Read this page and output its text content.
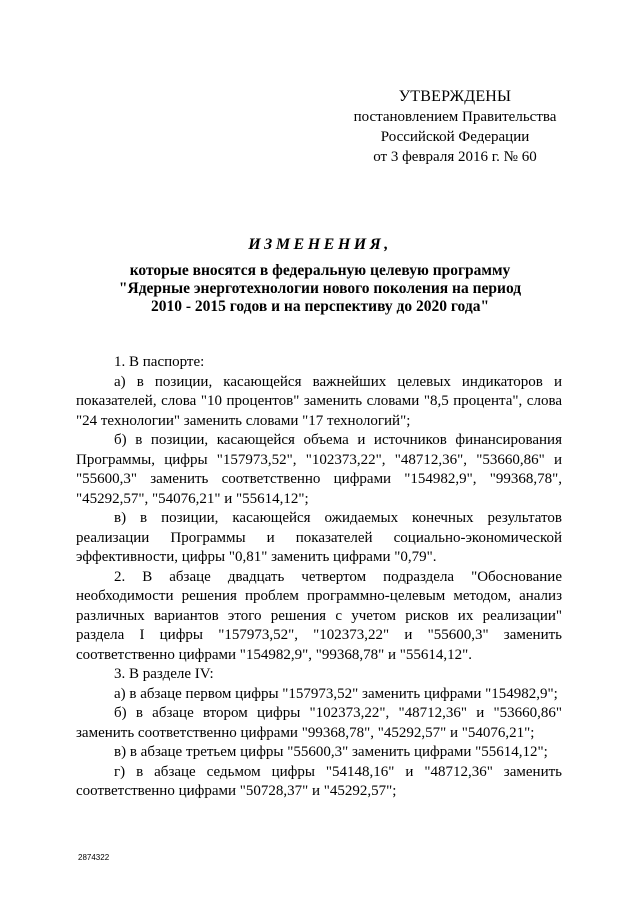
УТВЕРЖДЕНЫ
постановлением Правительства
Российской Федерации
от 3 февраля 2016 г. № 60
ИЗМЕНЕНИЯ,
которые вносятся в федеральную целевую программу
"Ядерные энерготехнологии нового поколения на период
2010 - 2015 годов и на перспективу до 2020 года"

1. В паспорте:

а) в позиции, касающейся важнейших целевых индикаторов и показателей, слова "10 процентов" заменить словами "8,5 процента", слова "24 технологии" заменить словами "17 технологий";

б) в позиции, касающейся объема и источников финансирования Программы, цифры "157973,52", "102373,22", "48712,36", "53660,86" и "55600,3" заменить соответственно цифрами "154982,9", "99368,78", "45292,57", "54076,21" и "55614,12";

в) в позиции, касающейся ожидаемых конечных результатов реализации Программы и показателей социально-экономической эффективности, цифры "0,81" заменить цифрами "0,79".

2. В абзаце двадцать четвертом подраздела "Обоснование необходимости решения проблем программно-целевым методом, анализ различных вариантов этого решения с учетом рисков их реализации" раздела I цифры "157973,52", "102373,22" и "55600,3" заменить соответственно цифрами "154982,9", "99368,78" и "55614,12".

3. В разделе IV:

а) в абзаце первом цифры "157973,52" заменить цифрами "154982,9";

б) в абзаце втором цифры "102373,22", "48712,36" и "53660,86" заменить соответственно цифрами "99368,78", "45292,57" и "54076,21";

в) в абзаце третьем цифры "55600,3" заменить цифрами "55614,12";

г) в абзаце седьмом цифры "54148,16" и "48712,36" заменить соответственно цифрами "50728,37" и "45292,57";

2874322
